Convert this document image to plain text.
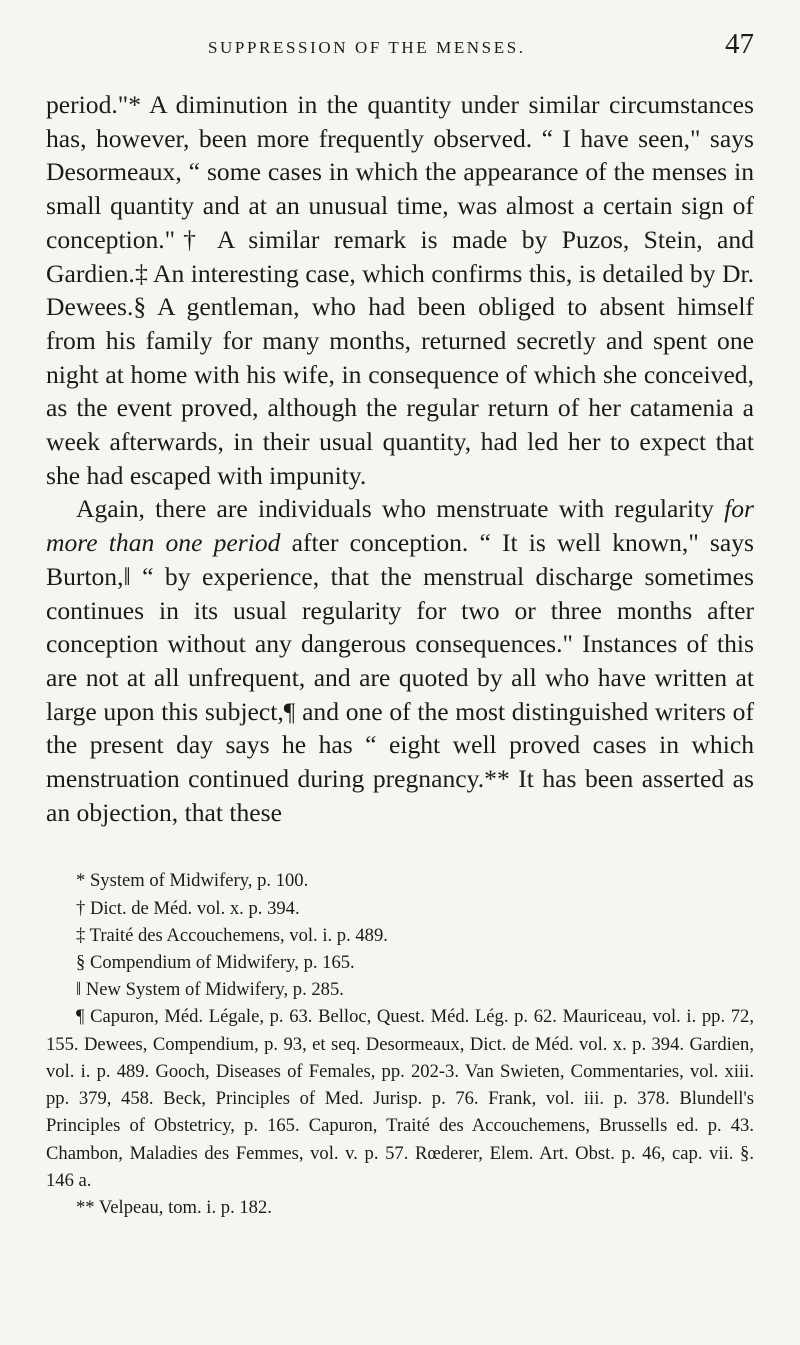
SUPPRESSION OF THE MENSES.	47

period."* A diminution in the quantity under similar circumstances has, however, been more frequently observed. “ I have seen," says Desormeaux, “ some cases in which the appearance of the menses in small quantity and at an unusual time, was almost a certain sign of conception."† A similar remark is made by Puzos, Stein, and Gardien.‡ An interesting case, which confirms this, is detailed by Dr. Dewees.§ A gentleman, who had been obliged to absent himself from his family for many months, returned secretly and spent one night at home with his wife, in consequence of which she conceived, as the event proved, although the regular return of her catamenia a week afterwards, in their usual quantity, had led her to expect that she had escaped with impunity.

Again, there are individuals who menstruate with regularity for more than one period after conception. “ It is well known," says Burton,‖ “ by experience, that the menstrual discharge sometimes continues in its usual regularity for two or three months after conception without any dangerous consequences." Instances of this are not at all unfrequent, and are quoted by all who have written at large upon this subject,¶ and one of the most distinguished writers of the present day says he has “ eight well proved cases in which menstruation continued during pregnancy.** It has been asserted as an objection, that these

* System of Midwifery, p. 100.

† Dict. de Méd. vol. x. p. 394.

‡ Traité des Accouchemens, vol. i. p. 489.

§ Compendium of Midwifery, p. 165.

‖ New System of Midwifery, p. 285.

¶ Capuron, Méd. Légale, p. 63. Belloc, Quest. Méd. Lég. p. 62. Mauriceau, vol. i. pp. 72, 155. Dewees, Compendium, p. 93, et seq. Desormeaux, Dict. de Méd. vol. x. p. 394. Gardien, vol. i. p. 489. Gooch, Diseases of Females, pp. 202-3. Van Swieten, Commentaries, vol. xiii. pp. 379, 458. Beck, Principles of Med. Jurisp. p. 76. Frank, vol. iii. p. 378. Blundell's Principles of Obstetricy, p. 165. Capuron, Traité des Accouchemens, Brussells ed. p. 43. Chambon, Maladies des Femmes, vol. v. p. 57. Rœderer, Elem. Art. Obst. p. 46, cap. vii. §. 146 a.

** Velpeau, tom. i. p. 182.
